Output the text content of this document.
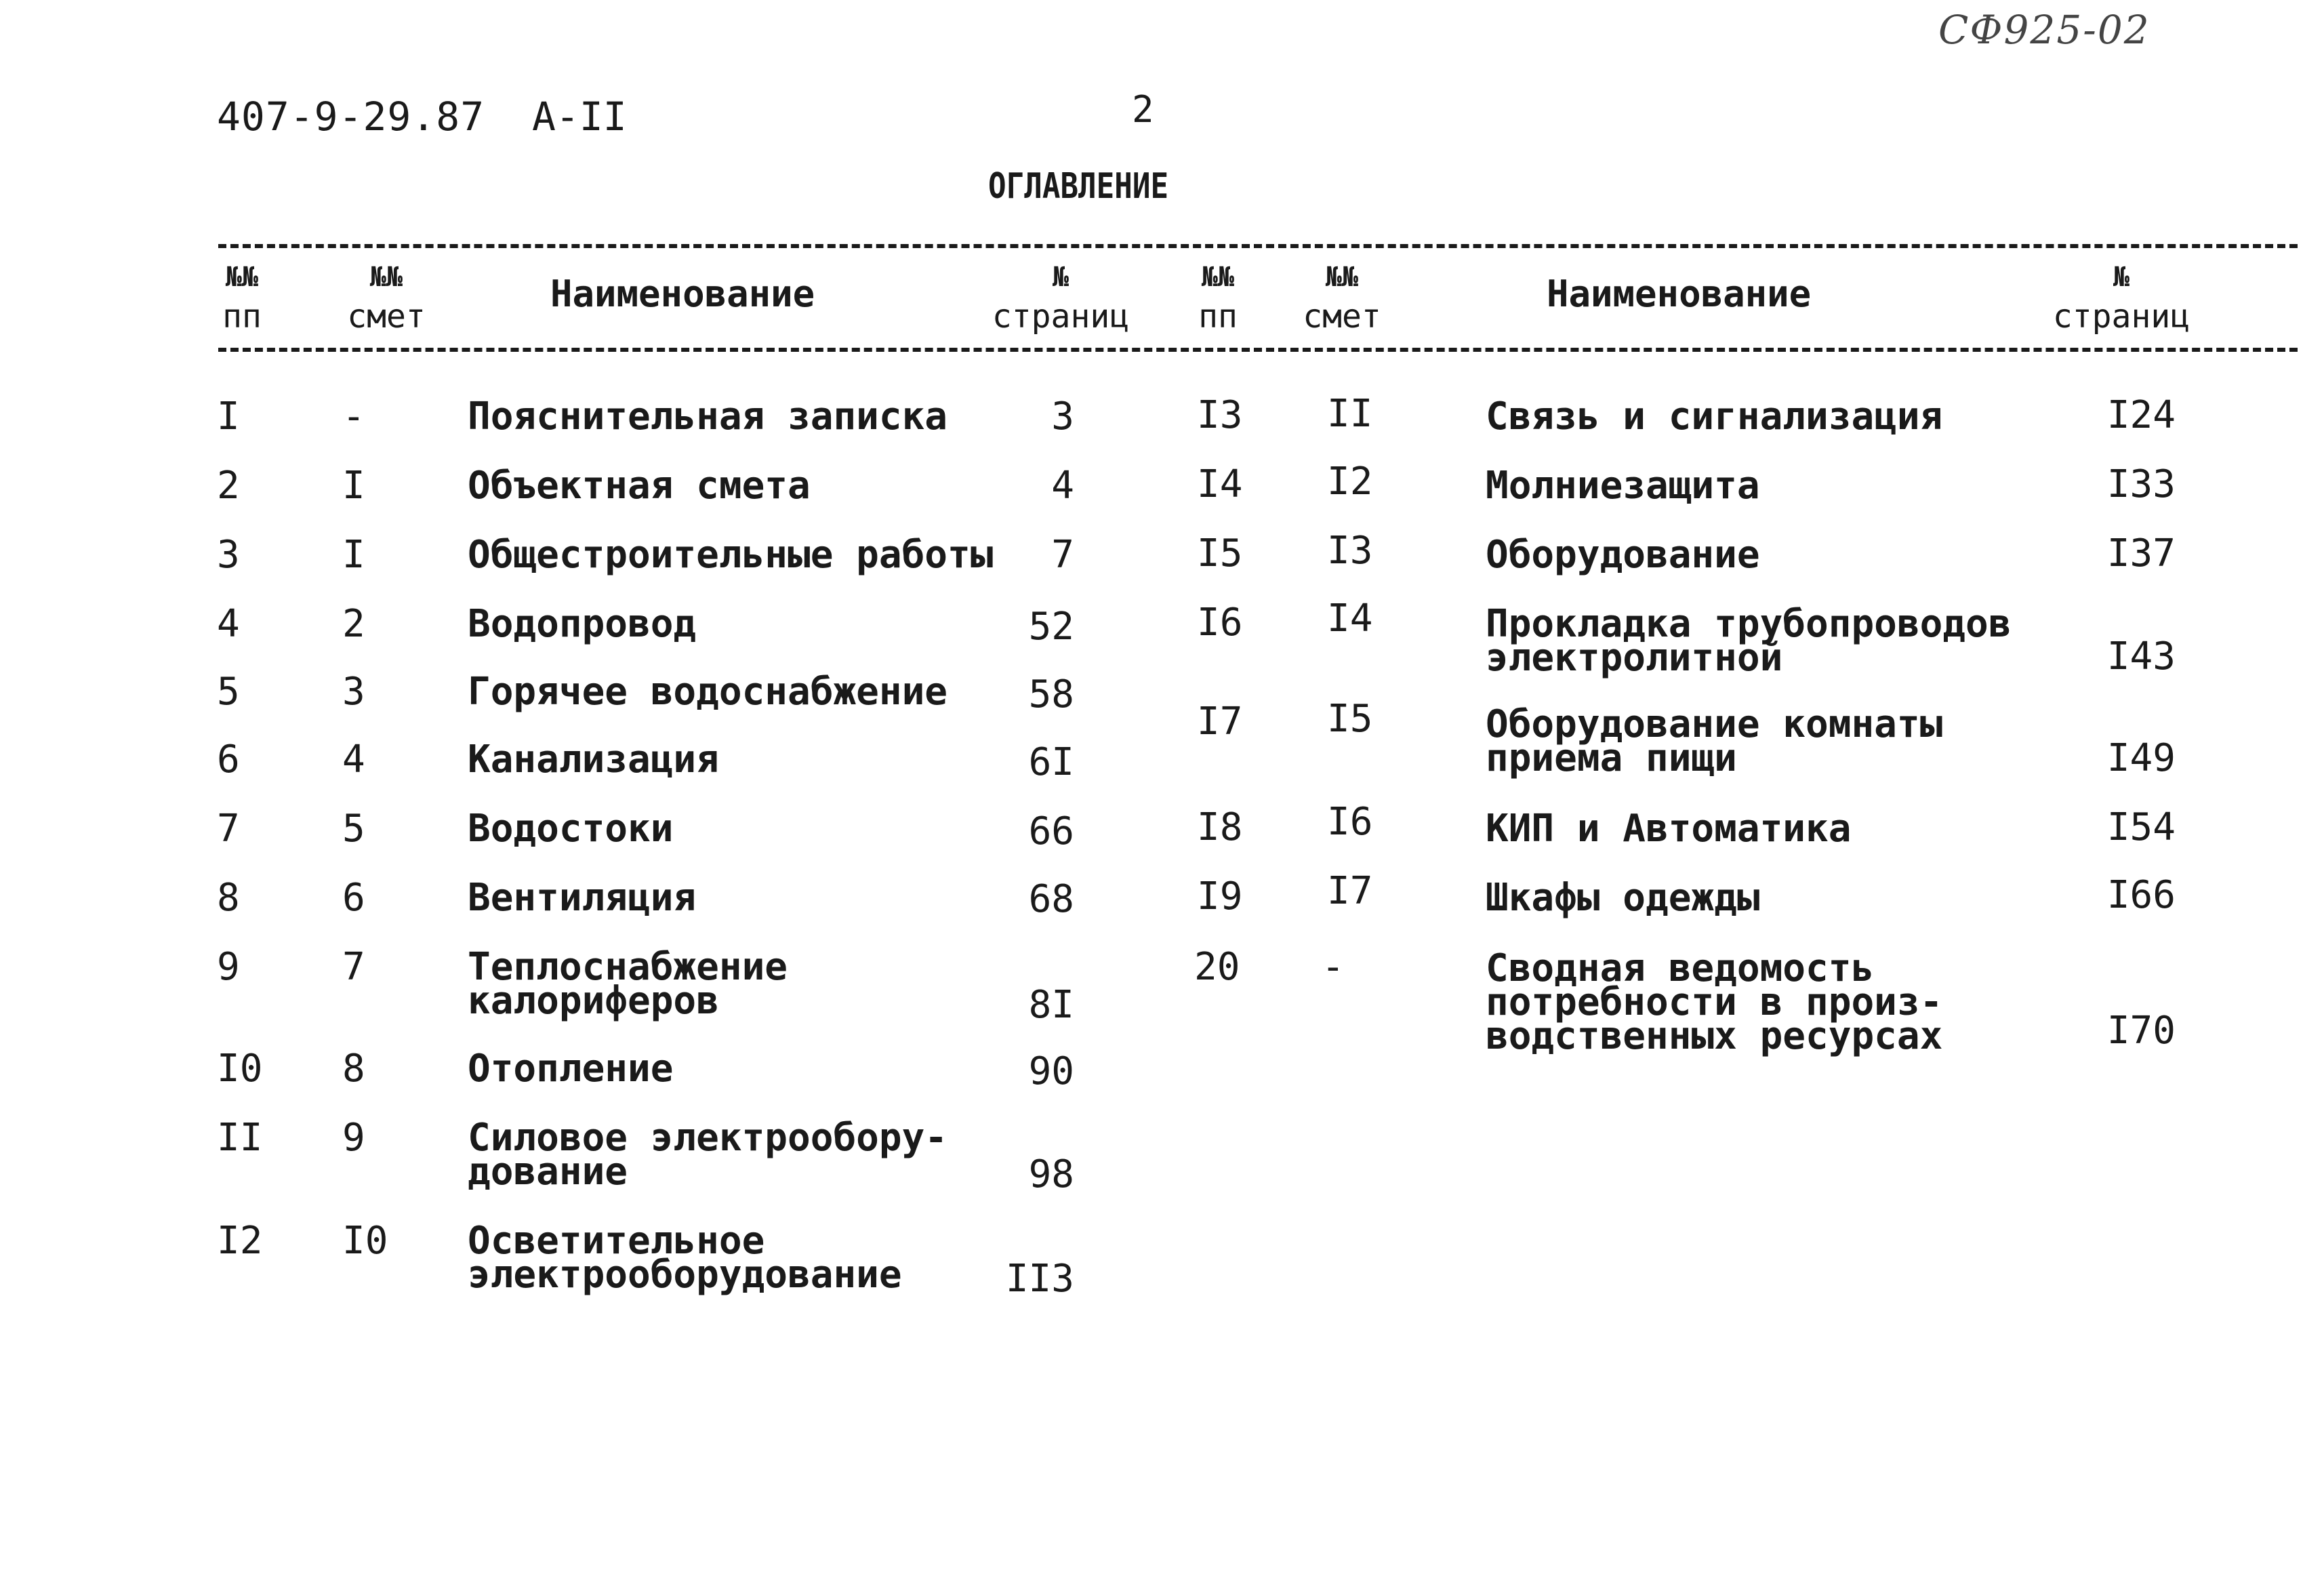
СФ925-02
407-9-29.87 А-II	2
ОГЛАВЛЕНИЕ
№№
пп
№№
смет
Наименование	№
страниц
№№
пп
№№
смет
Наименование	№
страниц
I	-	Пояснительная записка	3
2	I	Объектная смета	4
3	I	Общестроительные работы	7
4	2	Водопровод	52
5	3	Горячее водоснабжение	58
6	4	Канализация	6I
7	5	Водостоки	66
8	6	Вентиляция	68
9	7	Теплоснабжение
калориферов	8I
I0 8	Отопление	90
II 9	Силовое электрообору-
дование	98
I2 I0 Осветительное
электрооборудование	II3
I3 II	Связь и сигнализация	I24
I4 I2	Молниезащита	I33
I5 I3	Оборудование	I37
I6 I4	Прокладка трубопроводов
электролитной	I43
I7 I5	Оборудование комнаты
приема пищи	I49
I8 I6	КИП и Автоматика	I54
I9 I7	Шкафы одежды	I66
20 -	Сводная ведомость
потребности в произ-
водственных ресурсах	I70
